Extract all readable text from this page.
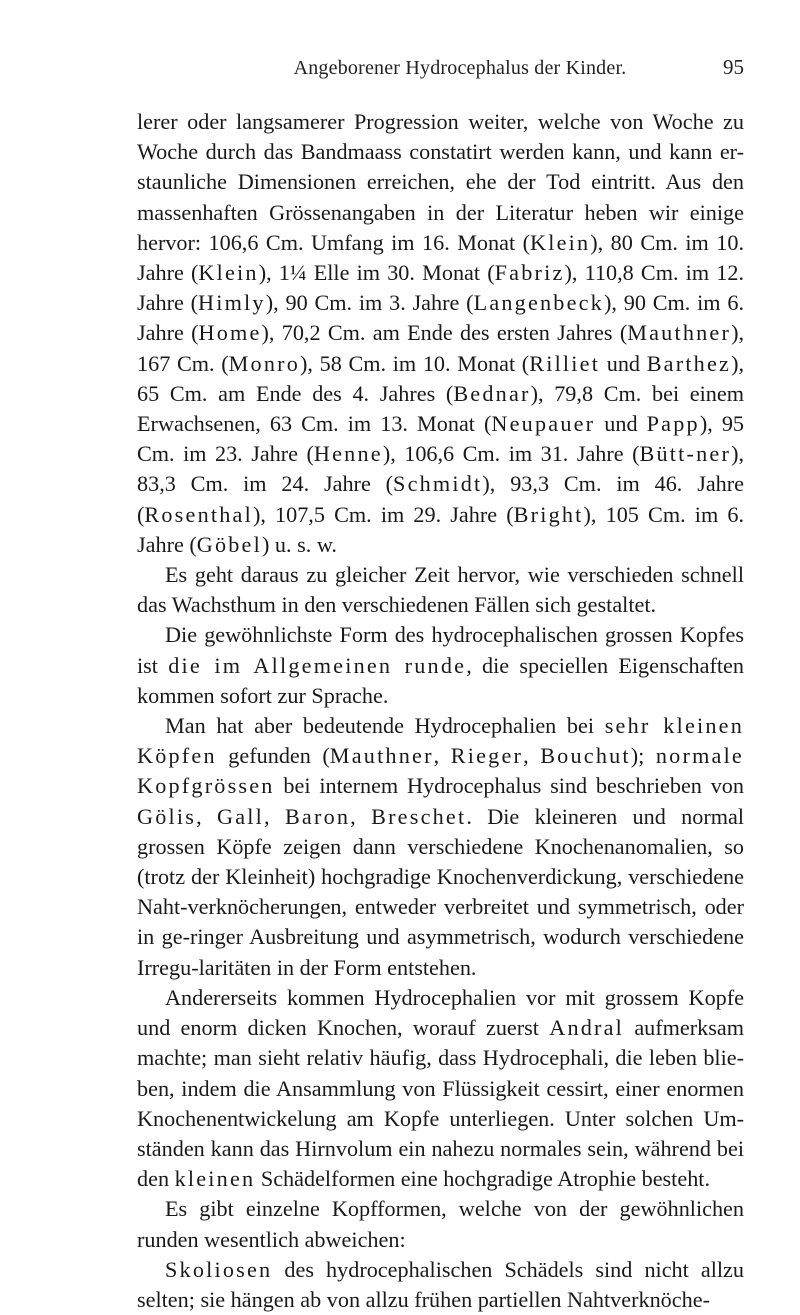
Angeborener Hydrocephalus der Kinder.	95

lerer oder langsamerer Progression weiter, welche von Woche zu Woche durch das Bandmaass constatirt werden kann, und kann er-staunliche Dimensionen erreichen, ehe der Tod eintritt. Aus den massenhaften Grössenangaben in der Literatur heben wir einige hervor: 106,6 Cm. Umfang im 16. Monat (Klein), 80 Cm. im 10. Jahre (Klein), 1¼ Elle im 30. Monat (Fabriz), 110,8 Cm. im 12. Jahre (Himly), 90 Cm. im 3. Jahre (Langenbeck), 90 Cm. im 6. Jahre (Home), 70,2 Cm. am Ende des ersten Jahres (Mauthner), 167 Cm. (Monro), 58 Cm. im 10. Monat (Rilliet und Barthez), 65 Cm. am Ende des 4. Jahres (Bednar), 79,8 Cm. bei einem Erwachsenen, 63 Cm. im 13. Monat (Neupauer und Papp), 95 Cm. im 23. Jahre (Henne), 106,6 Cm. im 31. Jahre (Bütt-ner), 83,3 Cm. im 24. Jahre (Schmidt), 93,3 Cm. im 46. Jahre (Rosenthal), 107,5 Cm. im 29. Jahre (Bright), 105 Cm. im 6. Jahre (Göbel) u. s. w.

Es geht daraus zu gleicher Zeit hervor, wie verschieden schnell das Wachsthum in den verschiedenen Fällen sich gestaltet.

Die gewöhnlichste Form des hydrocephalischen grossen Kopfes ist die im Allgemeinen runde, die speciellen Eigenschaften kommen sofort zur Sprache.

Man hat aber bedeutende Hydrocephalien bei sehr kleinen Köpfen gefunden (Mauthner, Rieger, Bouchut); normale Kopfgrössen bei internem Hydrocephalus sind beschrieben von Gölis, Gall, Baron, Breschet. Die kleineren und normal grossen Köpfe zeigen dann verschiedene Knochenanomalien, so (trotz der Kleinheit) hochgradige Knochenverdickung, verschiedene Naht-verknöcherungen, entweder verbreitet und symmetrisch, oder in ge-ringer Ausbreitung und asymmetrisch, wodurch verschiedene Irregu-laritäten in der Form entstehen.

Andererseits kommen Hydrocephalien vor mit grossem Kopfe und enorm dicken Knochen, worauf zuerst Andral aufmerksam machte; man sieht relativ häufig, dass Hydrocephali, die leben blie-ben, indem die Ansammlung von Flüssigkeit cessirt, einer enormen Knochenentwickelung am Kopfe unterliegen. Unter solchen Um-ständen kann das Hirnvolum ein nahezu normales sein, während bei den kleinen Schädelformen eine hochgradige Atrophie besteht.

Es gibt einzelne Kopfformen, welche von der gewöhnlichen runden wesentlich abweichen:

Skoliosen des hydrocephalischen Schädels sind nicht allzu selten; sie hängen ab von allzu frühen partiellen Nahtverknöche-
